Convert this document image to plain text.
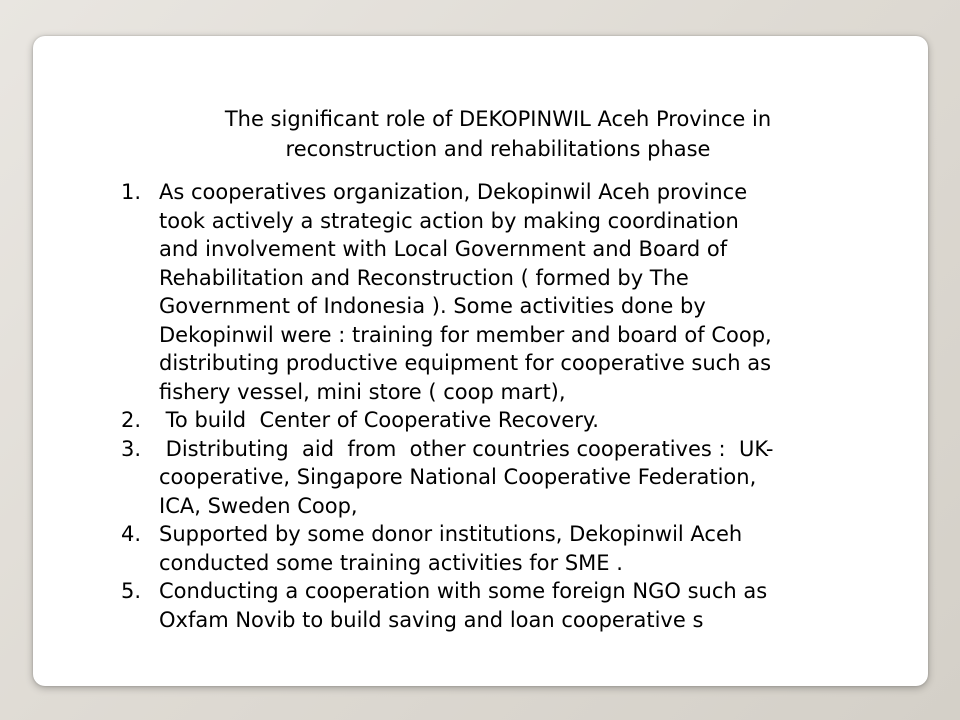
The significant role of DEKOPINWIL Aceh Province in
reconstruction and rehabilitations phase
1. As cooperatives organization, Dekopinwil Aceh province
took actively a strategic action by making coordination
and involvement with Local Government and Board of
Rehabilitation and Reconstruction ( formed by The
Government of Indonesia ). Some activities done by
Dekopinwil were : training for member and board of Coop,
distributing productive equipment for cooperative such as
fishery vessel, mini store ( coop mart),
2. To build  Center of Cooperative Recovery.
3. Distributing  aid  from  other countries cooperatives :  UK-
cooperative, Singapore National Cooperative Federation,
ICA, Sweden Coop,
4. Supported by some donor institutions, Dekopinwil Aceh
conducted some training activities for SME .
5. Conducting a cooperation with some foreign NGO such as
Oxfam Novib to build saving and loan cooperative s
